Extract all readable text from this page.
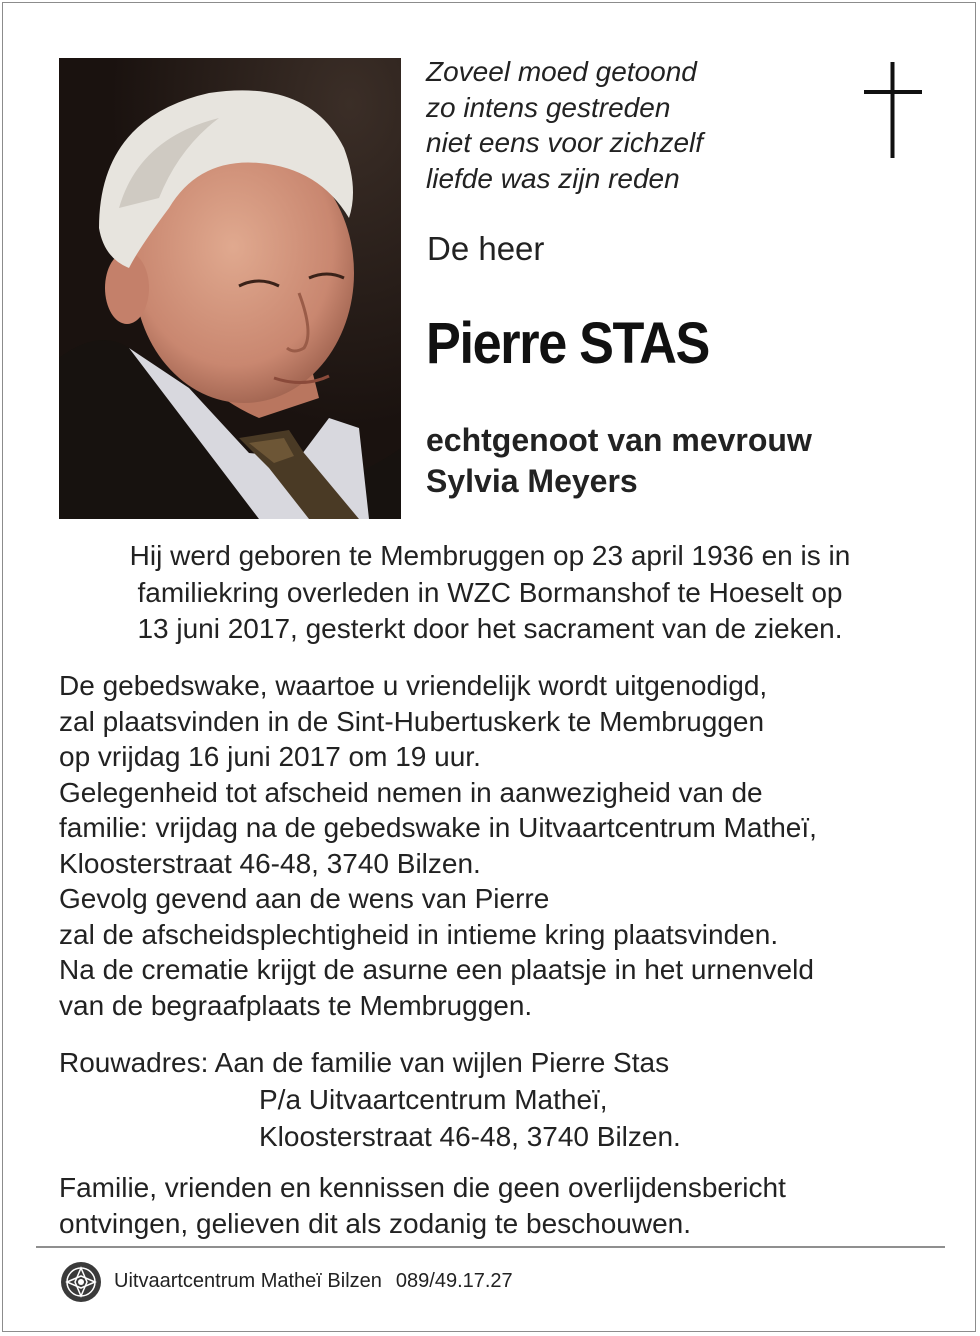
Zoveel moed getoond
zo intens gestreden
niet eens voor zichzelf
liefde was zijn reden
De heer
Pierre STAS
echtgenoot van mevrouw
Sylvia Meyers
Hij werd geboren te Membruggen op 23 april 1936 en is in
familiekring overleden in WZC Bormanshof te Hoeselt op
13 juni 2017, gesterkt door het sacrament van de zieken.
De gebedswake, waartoe u vriendelijk wordt uitgenodigd,
zal plaatsvinden in de Sint-Hubertuskerk te Membruggen
op vrijdag 16 juni 2017 om 19 uur.
Gelegenheid tot afscheid nemen in aanwezigheid van de
familie: vrijdag na de gebedswake in Uitvaartcentrum Matheï,
Kloosterstraat 46-48, 3740 Bilzen.
Gevolg gevend aan de wens van Pierre
zal de afscheidsplechtigheid in intieme kring plaatsvinden.
Na de crematie krijgt de asurne een plaatsje in het urnenveld
van de begraafplaats te Membruggen.
Rouwadres: Aan de familie van wijlen Pierre Stas
P/a Uitvaartcentrum Matheï,
Kloosterstraat 46-48, 3740 Bilzen.
Familie, vrienden en kennissen die geen overlijdensbericht
ontvingen, gelieven dit als zodanig te beschouwen.
Uitvaartcentrum Matheï Bilzen 089/49.17.27
